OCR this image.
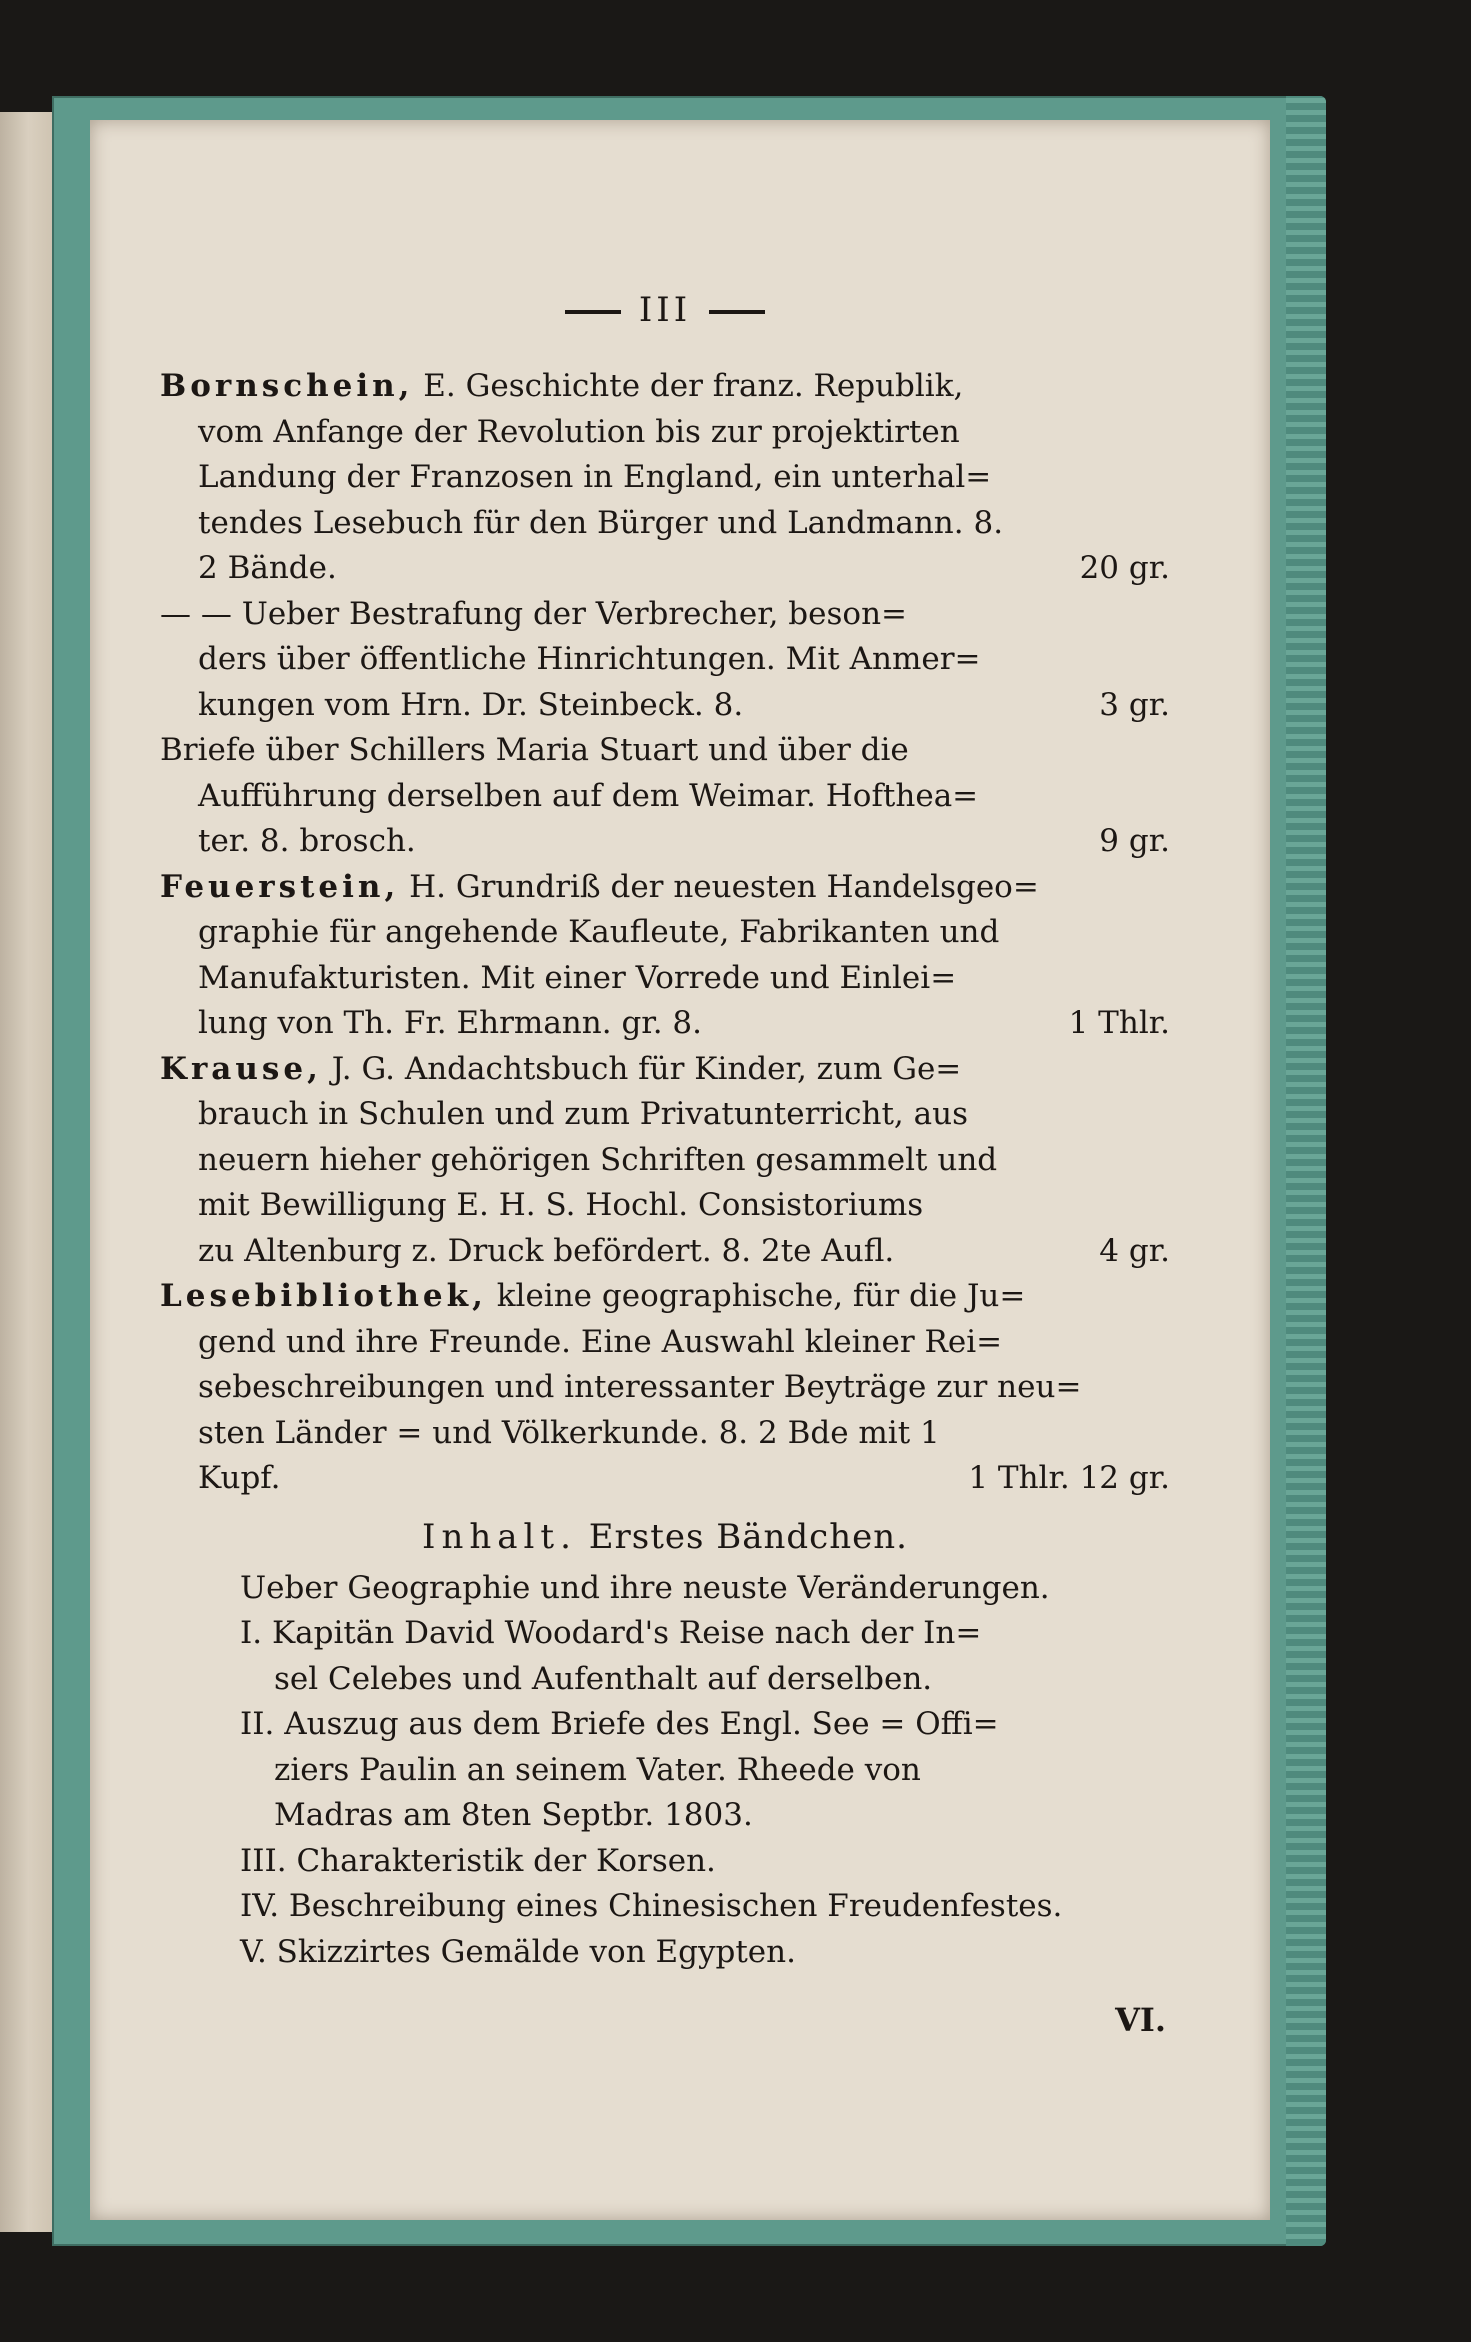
III
Bornschein, E. Geschichte der franz. Republik,
vom Anfange der Revolution bis zur projektirten
Landung der Franzosen in England, ein unterhal=
tendes Lesebuch für den Bürger und Landmann. 8.
2 Bände.	20 gr.
— — Ueber Bestrafung der Verbrecher, beson=
ders über öffentliche Hinrichtungen. Mit Anmer=
kungen vom Hrn. Dr. Steinbeck. 8.	3 gr.
Briefe über Schillers Maria Stuart und über die
Aufführung derselben auf dem Weimar. Hofthea=
ter. 8. brosch.	9 gr.
Feuerstein, H. Grundriß der neuesten Handelsgeo=
graphie für angehende Kaufleute, Fabrikanten und
Manufakturisten. Mit einer Vorrede und Einlei=
lung von Th. Fr. Ehrmann. gr. 8.	1 Thlr.
Krause, J. G. Andachtsbuch für Kinder, zum Ge=
brauch in Schulen und zum Privatunterricht, aus
neuern hieher gehörigen Schriften gesammelt und
mit Bewilligung E. H. S. Hochl. Consistoriums
zu Altenburg z. Druck befördert. 8. 2te Aufl.	4 gr.
Lesebibliothek, kleine geographische, für die Ju=
gend und ihre Freunde. Eine Auswahl kleiner Rei=
sebeschreibungen und interessanter Beyträge zur neu=
sten Länder = und Völkerkunde. 8. 2 Bde mit 1
Kupf.	1 Thlr. 12 gr.
Inhalt. Erstes Bändchen.
Ueber Geographie und ihre neuste Veränderungen.
I. Kapitän David Woodard's Reise nach der In=
sel Celebes und Aufenthalt auf derselben.
II. Auszug aus dem Briefe des Engl. See = Offi=
ziers Paulin an seinem Vater. Rheede von
Madras am 8ten Septbr. 1803.
III. Charakteristik der Korsen.
IV. Beschreibung eines Chinesischen Freudenfestes.
V. Skizzirtes Gemälde von Egypten.
VI.
